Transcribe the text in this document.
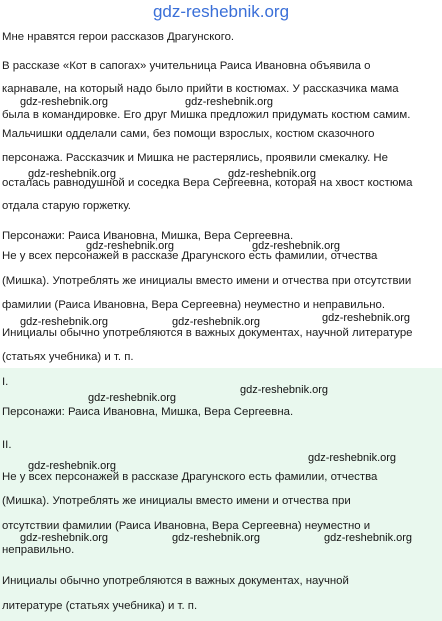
gdz-reshebnik.org
Мне нравятся герои рассказов Драгунского.
В рассказе «Кот в сапогах» учительница Раиса Ивановна объявила о
карнавале, на который надо было прийти в костюмах. У рассказчика мама
была в командировке. Его друг Мишка предложил придумать костюм самим.
Мальчишки одделали сами, без помощи взрослых, костюм сказочного
персонажа. Рассказчик и Мишка не растерялись, проявили смекалку. Не
осталась равнодушной и соседка Вера Сергеевна, которая на хвост костюма
отдала старую горжетку.
Персонажи: Раиса Ивановна, Мишка, Вера Сергеевна.
Не у всех персонажей в рассказе Драгунского есть фамилии, отчества
(Мишка). Употреблять же инициалы вместо имени и отчества при отсутствии
фамилии (Раиса Ивановна, Вера Сергеевна) неуместно и неправильно.
Инициалы обычно употребляются в важных документах, научной литературе
(статьях учебника) и т. п.
I.
Персонажи: Раиса Ивановна, Мишка, Вера Сергеевна.
II.
Не у всех персонажей в рассказе Драгунского есть фамилии, отчества
(Мишка). Употреблять же инициалы вместо имени и отчества при
отсутствии фамилии (Раиса Ивановна, Вера Сергеевна) неуместно и
неправильно.
Инициалы обычно употребляются в важных документах, научной
литературе (статьях учебника) и т. п.
gdz-reshebnik.org	gdz-reshebnik.org
gdz-reshebnik.org	gdz-reshebnik.org
gdz-reshebnik.org	gdz-reshebnik.org
gdz-reshebnik.org	gdz-reshebnik.org	gdz-reshebnik.org
gdz-reshebnik.org
gdz-reshebnik.org
gdz-reshebnik.org
gdz-reshebnik.org
gdz-reshebnik.org	gdz-reshebnik.org	gdz-reshebnik.org
